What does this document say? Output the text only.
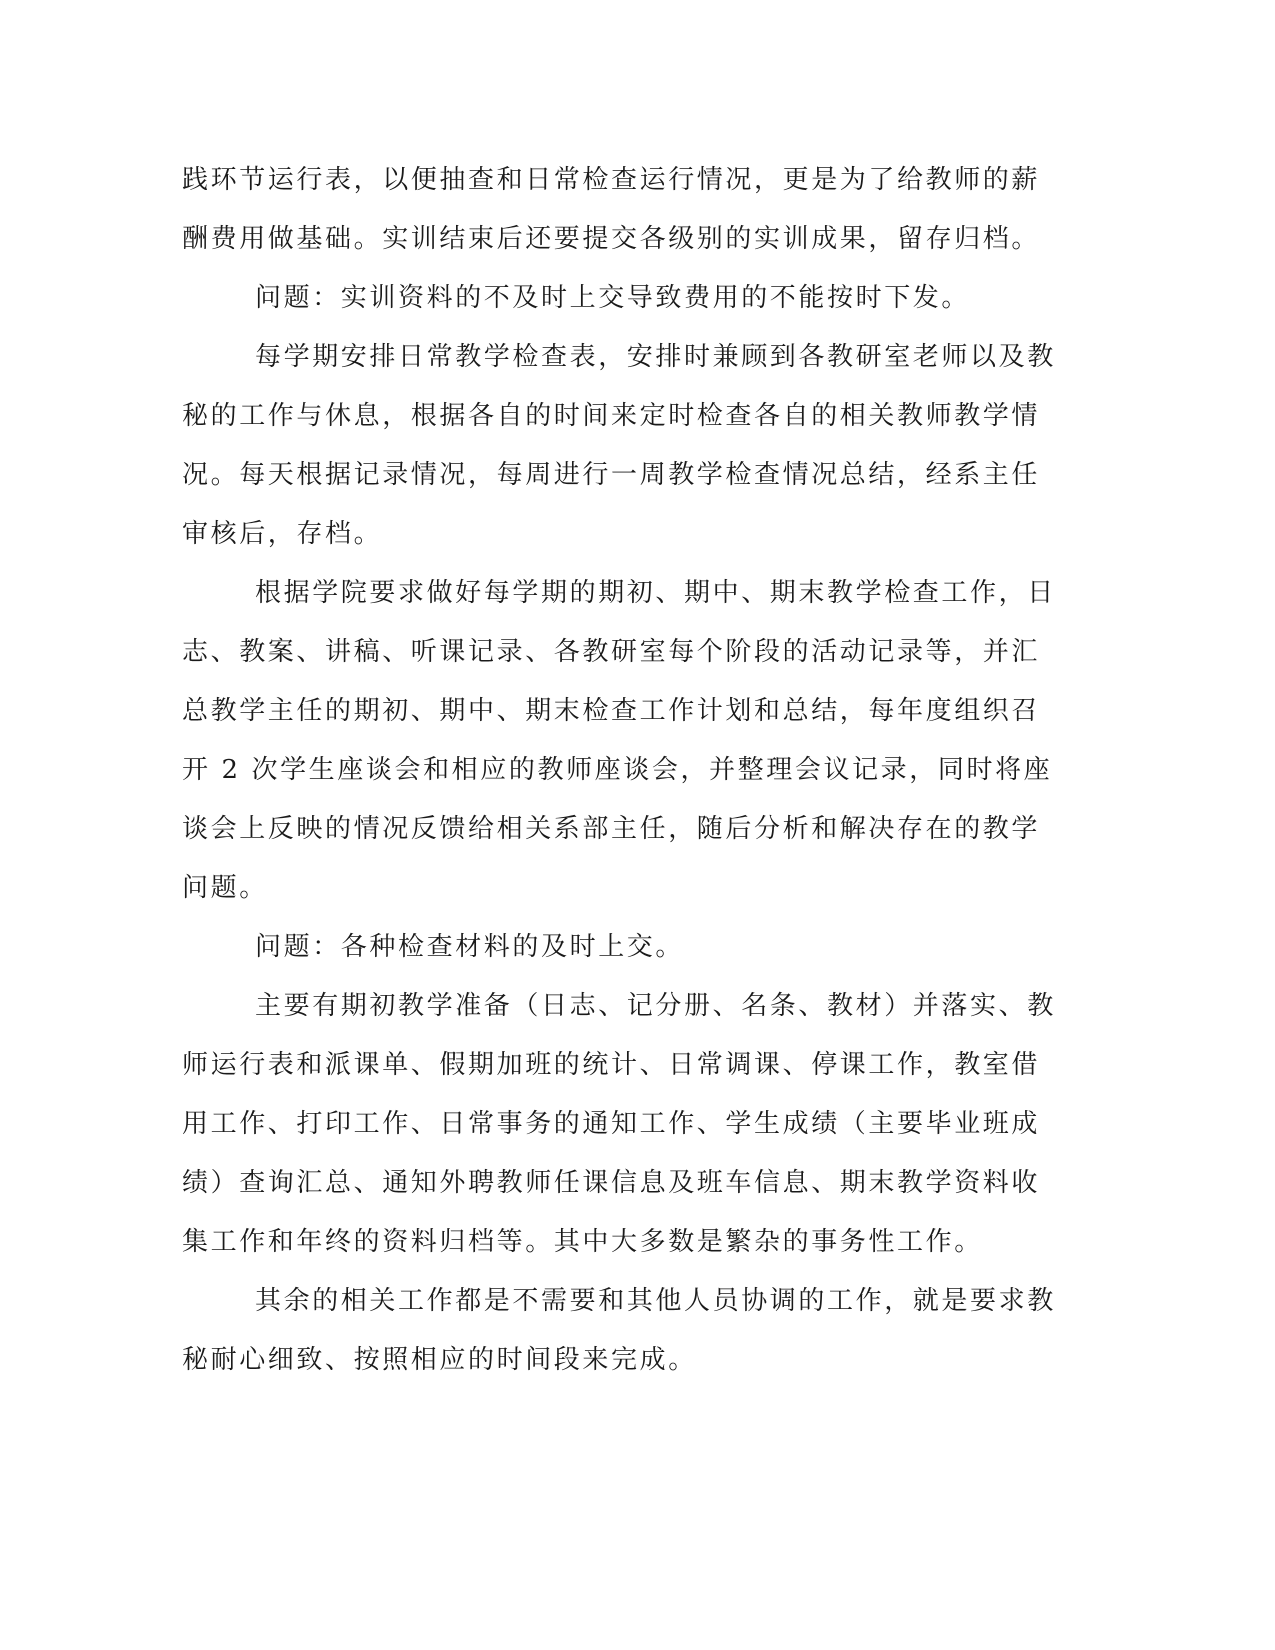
践环节运行表，以便抽查和日常检查运行情况，更是为了给教师的薪
酬费用做基础。实训结束后还要提交各级别的实训成果，留存归档。
问题：实训资料的不及时上交导致费用的不能按时下发。
每学期安排日常教学检查表，安排时兼顾到各教研室老师以及教
秘的工作与休息，根据各自的时间来定时检查各自的相关教师教学情
况。每天根据记录情况，每周进行一周教学检查情况总结，经系主任
审核后，存档。
根据学院要求做好每学期的期初、期中、期末教学检查工作，日
志、教案、讲稿、听课记录、各教研室每个阶段的活动记录等，并汇
总教学主任的期初、期中、期末检查工作计划和总结，每年度组织召
开 2 次学生座谈会和相应的教师座谈会，并整理会议记录，同时将座
谈会上反映的情况反馈给相关系部主任，随后分析和解决存在的教学
问题。
问题：各种检查材料的及时上交。
主要有期初教学准备（日志、记分册、名条、教材）并落实、教
师运行表和派课单、假期加班的统计、日常调课、停课工作，教室借
用工作、打印工作、日常事务的通知工作、学生成绩（主要毕业班成
绩）查询汇总、通知外聘教师任课信息及班车信息、期末教学资料收
集工作和年终的资料归档等。其中大多数是繁杂的事务性工作。
其余的相关工作都是不需要和其他人员协调的工作，就是要求教
秘耐心细致、按照相应的时间段来完成。
